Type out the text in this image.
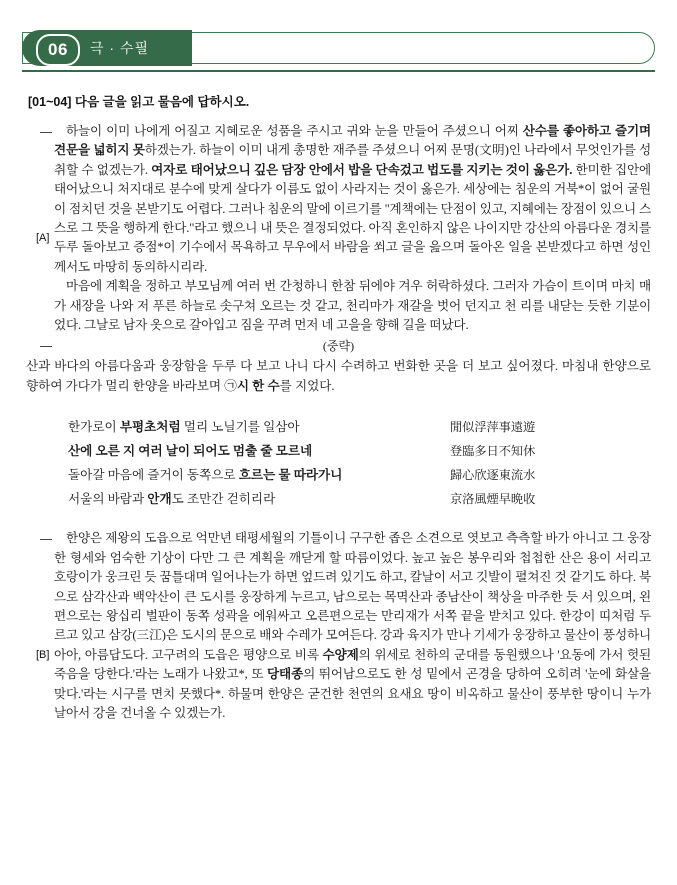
06	극 · 수필
[01~04] 다음 글을 읽고 물음에 답하시오.
[A]

하늘이 이미 나에게 어질고 지혜로운 성품을 주시고 귀와 눈을 만들어 주셨으니 어찌 산수를 좋아하고 즐기며 견문을 넓히지 못하겠는가. 하늘이 이미 내게 총명한 재주를 주셨으니 어찌 문명(文明)인 나라에서 무엇인가를 성취할 수 없겠는가. 여자로 태어났으니 깊은 담장 안에서 밥을 단속겄고 법도를 지키는 것이 옳은가. 한미한 집안에 태어났으니 처지대로 분수에 맞게 살다가 이름도 없이 사라지는 것이 옳은가. 세상에는 침운의 거북*이 없어 굴원이 점치던 것을 본받기도 어렵다. 그러나 침운의 말에 이르기를 "계책에는 단점이 있고, 지혜에는 장점이 있으니 스스로 그 뜻을 행하게 한다."라고 했으니 내 뜻은 결정되었다. 아직 혼인하지 않은 나이지만 강산의 아름다운 경치를 두루 돌아보고 증점*이 기수에서 목욕하고 무우에서 바람을 쐬고 글을 읊으며 돌아온 일을 본받겠다고 하면 성인께서도 마땅히 동의하시리라.

마음에 계획을 정하고 부모님께 여러 번 간청하니 한참 뒤에야 겨우 허락하셨다. 그러자 가슴이 트이며 마치 매가 새장을 나와 저 푸른 하늘로 솟구쳐 오르는 것 같고, 천리마가 재갈을 벗어 던지고 천 리를 내닫는 듯한 기분이었다. 그날로 남자 옷으로 갈아입고 짐을 꾸려 먼저 네 고을을 향해 길을 떠났다.

(중략)

산과 바다의 아름다움과 웅장함을 두루 다 보고 나니 다시 수려하고 번화한 곳을 더 보고 싶어졌다. 마침내 한양으로 향하여 가다가 멀리 한양을 바라보며 ㉠시 한 수를 지었다.

한가로이 부평초처럼 멀리 노닐기를 일삼아	閒似浮萍事遠遊
산에 오른 지 여러 날이 되어도 멈출 줄 모르네	登臨多日不知休
돌아갈 마음에 즐거이 동쪽으로 흐르는 물 따라가니	歸心欣逐東流水
서울의 바람과 안개도 조만간 걷히리라	京洛風煙早晩收
[B]

한양은 제왕의 도읍으로 억만년 태평세월의 기틀이니 구구한 좁은 소견으로 엿보고 측측할 바가 아니고 그 웅장한 형세와 엄숙한 기상이 다만 그 큰 계획을 깨닫게 할 따름이었다. 높고 높은 봉우리와 첩첩한 산은 용이 서리고 호랑이가 웅크린 듯 꿈틀대며 일어나는가 하면 엎드려 있기도 하고, 칼날이 서고 깃발이 펼쳐진 것 같기도 하다. 북으로 삼각산과 백악산이 큰 도시를 웅장하게 누르고, 남으로는 목멱산과 종남산이 책상을 마주한 듯 서 있으며, 왼편으로는 왕십리 벌판이 동쪽 성곽을 에워싸고 오른편으로는 만리재가 서쪽 끝을 받치고 있다. 한강이 띠처럼 두르고 있고 삼강(三江)은 도시의 문으로 배와 수레가 모여든다. 강과 육지가 만나 기세가 웅장하고 물산이 풍성하니 아아, 아름답도다. 고구려의 도읍은 평양으로 비록 수양제의 위세로 천하의 군대를 동원했으나 '요동에 가서 헛된 죽음을 당한다.'라는 노래가 나왔고*, 또 당태종의 뛰어남으로도 한 성 밑에서 곤경을 당하여 오히려 '눈에 화살을 맞다.'라는 시구를 면치 못했다*. 하물며 한양은 굳건한 천연의 요새요 땅이 비옥하고 물산이 풍부한 땅이니 누가 날아서 강을 건너올 수 있겠는가.
